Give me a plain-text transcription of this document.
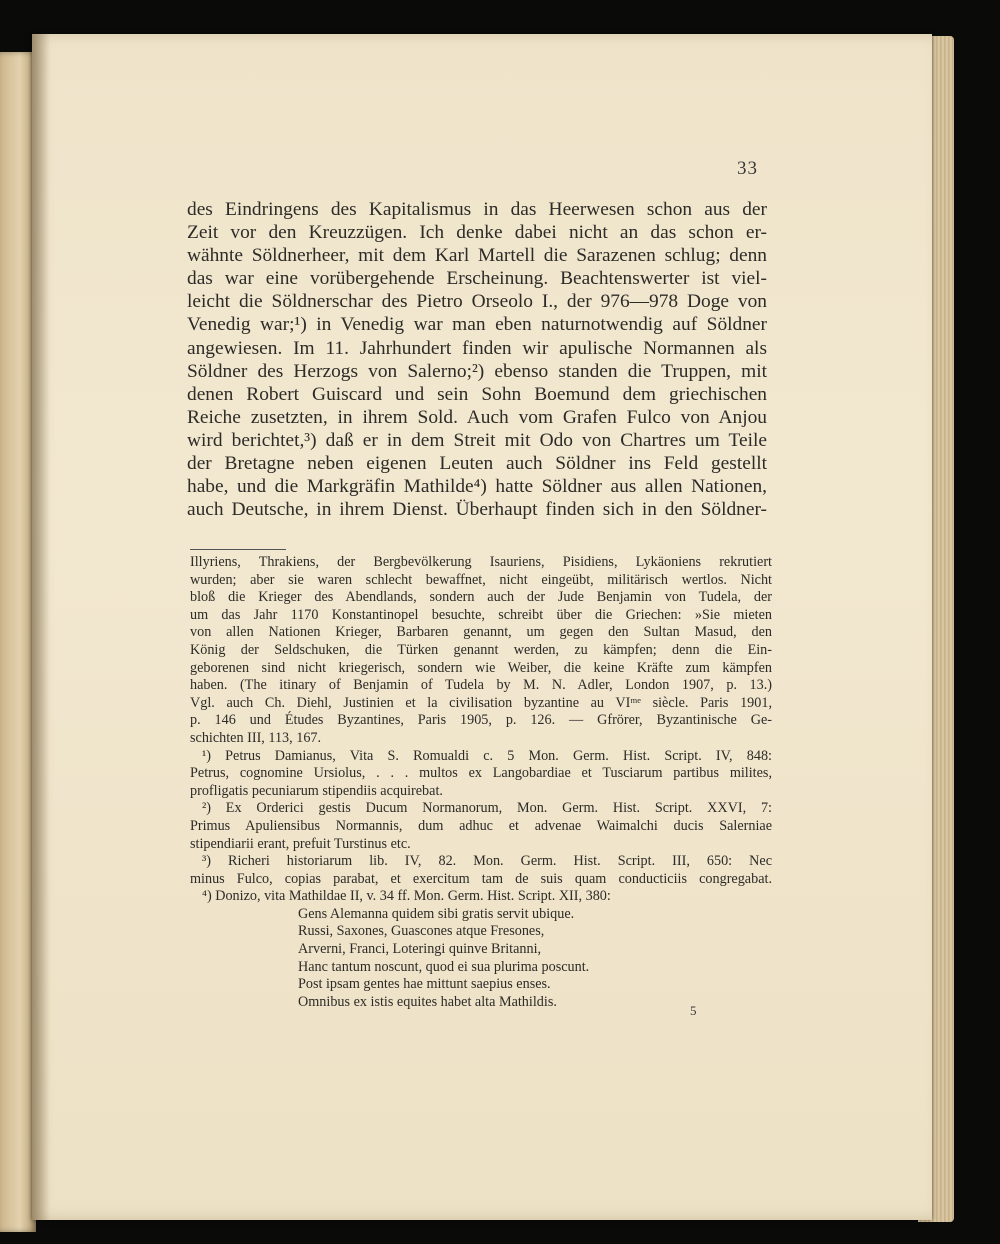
33
des Eindringens des Kapitalismus in das Heerwesen schon aus der
Zeit vor den Kreuzzügen. Ich denke dabei nicht an das schon er-
wähnte Söldnerheer, mit dem Karl Martell die Sarazenen schlug; denn
das war eine vorübergehende Erscheinung. Beachtenswerter ist viel-
leicht die Söldnerschar des Pietro Orseolo I., der 976—978 Doge von
Venedig war;¹) in Venedig war man eben naturnotwendig auf Söldner
angewiesen. Im 11. Jahrhundert finden wir apulische Normannen als
Söldner des Herzogs von Salerno;²) ebenso standen die Truppen, mit
denen Robert Guiscard und sein Sohn Boemund dem griechischen
Reiche zusetzten, in ihrem Sold. Auch vom Grafen Fulco von Anjou
wird berichtet,³) daß er in dem Streit mit Odo von Chartres um Teile
der Bretagne neben eigenen Leuten auch Söldner ins Feld gestellt
habe, und die Markgräfin Mathilde⁴) hatte Söldner aus allen Nationen,
auch Deutsche, in ihrem Dienst. Überhaupt finden sich in den Söldner-
Illyriens, Thrakiens, der Bergbevölkerung Isauriens, Pisidiens, Lykäoniens rekrutiert
wurden; aber sie waren schlecht bewaffnet, nicht eingeübt, militärisch wertlos. Nicht
bloß die Krieger des Abendlands, sondern auch der Jude Benjamin von Tudela, der
um das Jahr 1170 Konstantinopel besuchte, schreibt über die Griechen: »Sie mieten
von allen Nationen Krieger, Barbaren genannt, um gegen den Sultan Masud, den
König der Seldschuken, die Türken genannt werden, zu kämpfen; denn die Ein-
geborenen sind nicht kriegerisch, sondern wie Weiber, die keine Kräfte zum kämpfen
haben. (The itinary of Benjamin of Tudela by M. N. Adler, London 1907, p. 13.)
Vgl. auch Ch. Diehl, Justinien et la civilisation byzantine au VIᵐᵉ siècle. Paris 1901,
p. 146 und Études Byzantines, Paris 1905, p. 126. — Gfrörer, Byzantinische Ge-
schichten III, 113, 167.
¹) Petrus Damianus, Vita S. Romualdi c. 5 Mon. Germ. Hist. Script. IV, 848:
Petrus, cognomine Ursiolus, . . . multos ex Langobardiae et Tusciarum partibus milites,
profligatis pecuniarum stipendiis acquirebat.
²) Ex Orderici gestis Ducum Normanorum, Mon. Germ. Hist. Script. XXVI, 7:
Primus Apuliensibus Normannis, dum adhuc et advenae Waimalchi ducis Salerniae
stipendiarii erant, prefuit Turstinus etc.
³) Richeri historiarum lib. IV, 82. Mon. Germ. Hist. Script. III, 650: Nec
minus Fulco, copias parabat, et exercitum tam de suis quam conducticiis congregabat.
⁴) Donizo, vita Mathildae II, v. 34 ff. Mon. Germ. Hist. Script. XII, 380:
Gens Alemanna quidem sibi gratis servit ubique.
Russi, Saxones, Guascones atque Fresones,
Arverni, Franci, Loteringi quinve Britanni,
Hanc tantum noscunt, quod ei sua plurima poscunt.
Post ipsam gentes hae mittunt saepius enses.
Omnibus ex istis equites habet alta Mathildis.
5
